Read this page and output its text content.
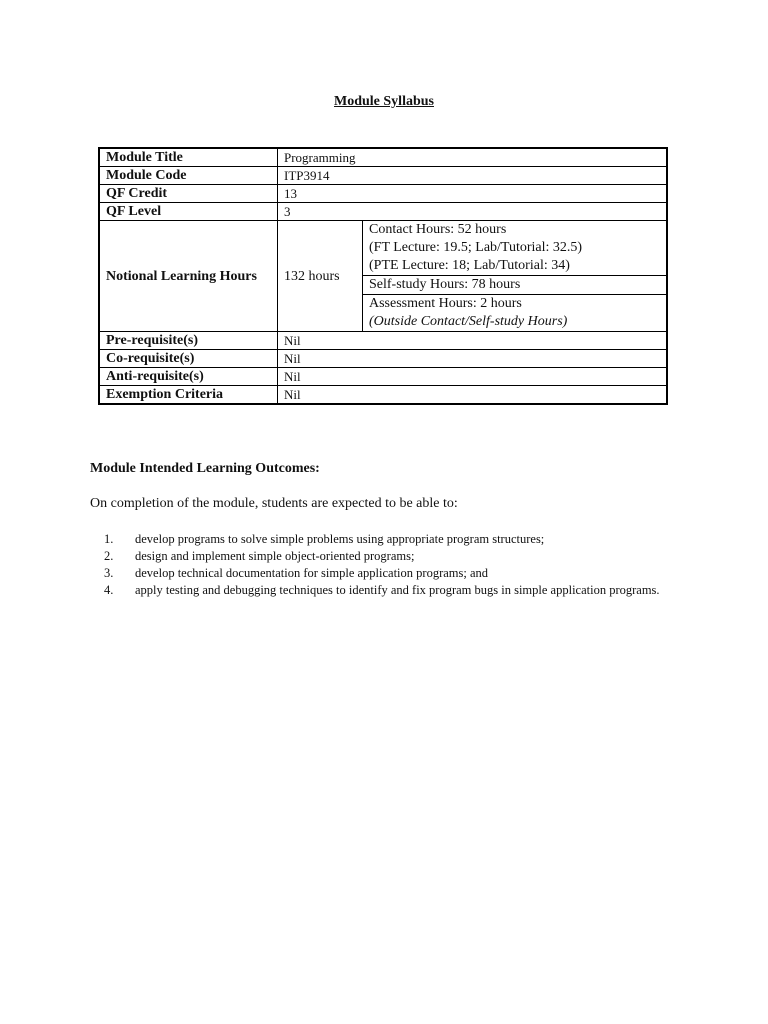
Module Syllabus
Module Title	Programming	
Module Code	ITP3914	
QF Credit	13	
QF Level	3	
Notional Learning Hours	132 hours	Contact Hours: 52 hours
(FT Lecture: 19.5; Lab/Tutorial: 32.5)
(PTE Lecture: 18; Lab/Tutorial: 34)

		Self-study Hours: 78 hours

		Assessment Hours: 2 hours
(Outside Contact/Self-study Hours)

Pre-requisite(s)	Nil	
Co-requisite(s)	Nil	
Anti-requisite(s)	Nil	
Exemption Criteria	Nil	
Module Intended Learning Outcomes:
On completion of the module, students are expected to be able to:
1.	develop programs to solve simple problems using appropriate program structures;
2.	design and implement simple object-oriented programs;
3.	develop technical documentation for simple application programs; and
4.	apply testing and debugging techniques to identify and fix program bugs in simple application programs.
